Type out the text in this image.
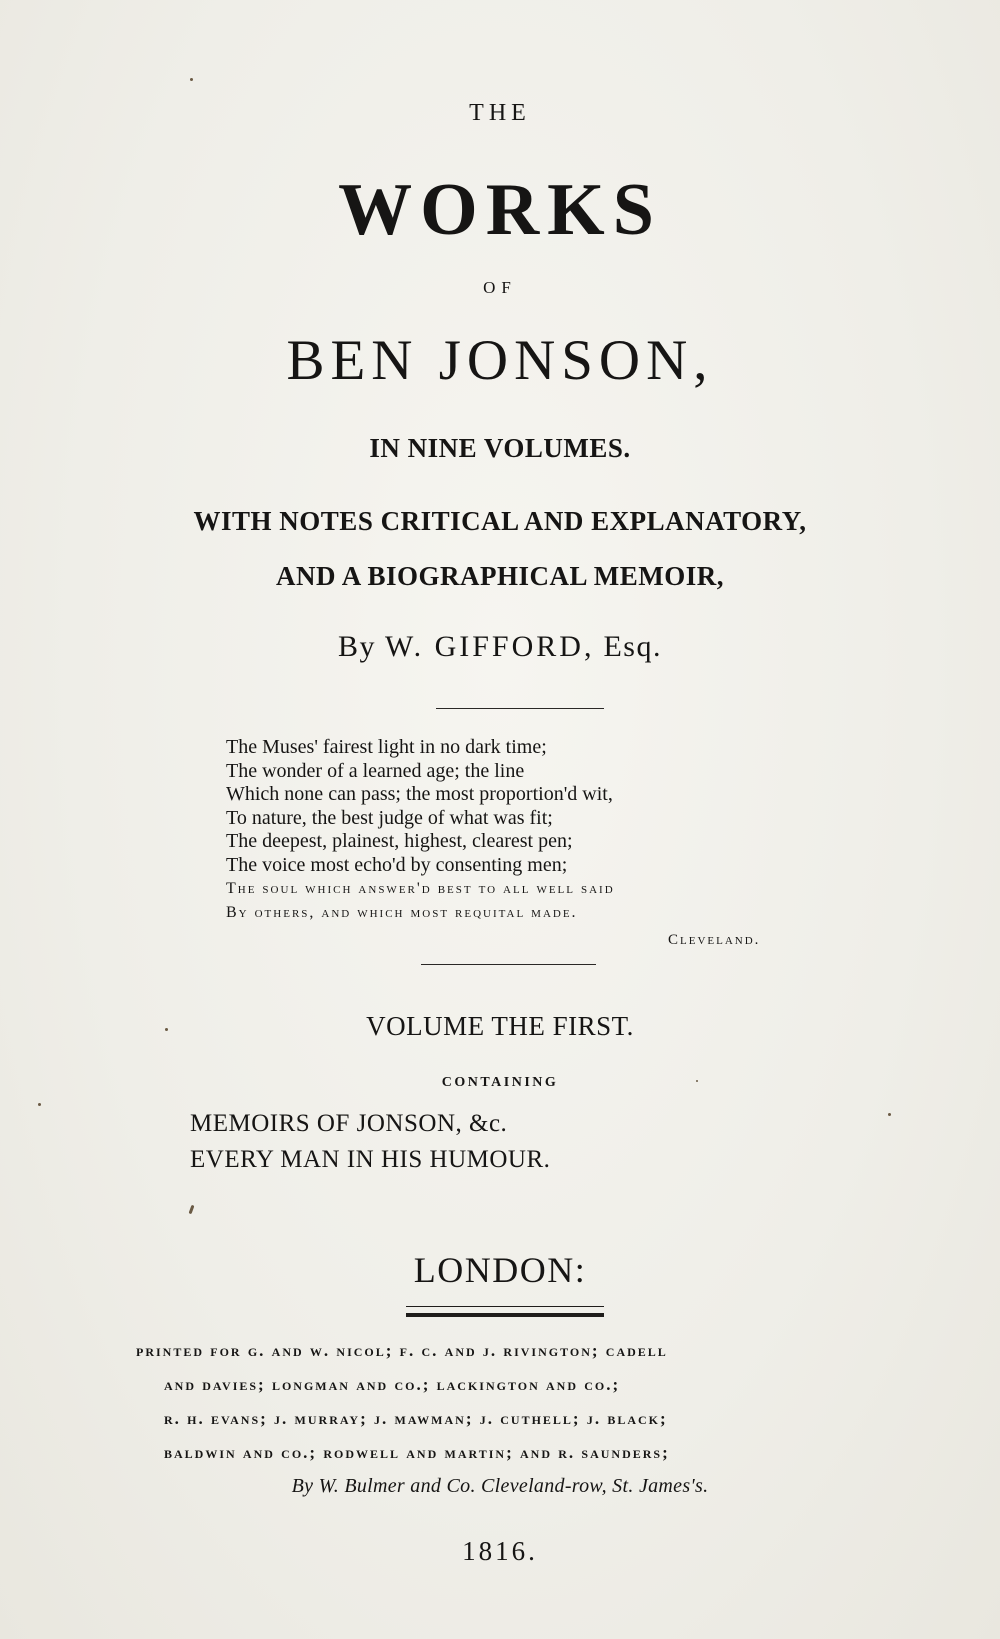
THE
WORKS
OF
BEN JONSON,
IN NINE VOLUMES.
WITH NOTES CRITICAL AND EXPLANATORY,
AND A BIOGRAPHICAL MEMOIR,
By W. GIFFORD, Esq.
The Muses' fairest light in no dark time;
The wonder of a learned age; the line
Which none can pass; the most proportion'd wit,
To nature, the best judge of what was fit;
The deepest, plainest, highest, clearest pen;
The voice most echo'd by consenting men;
The soul which answer'd best to all well said
By others, and which most requital made.
Cleveland.
VOLUME THE FIRST.
CONTAINING
MEMOIRS OF JONSON, &c.
EVERY MAN IN HIS HUMOUR.
LONDON:
printed for g. and w. nicol; f. c. and j. rivington; cadell
and davies; longman and co.; lackington and co.;
r. h. evans; j. murray; j. mawman; j. cuthell; j. black;
baldwin and co.; rodwell and martin; and r. saunders;
By W. Bulmer and Co. Cleveland-row, St. James's.
1816.
